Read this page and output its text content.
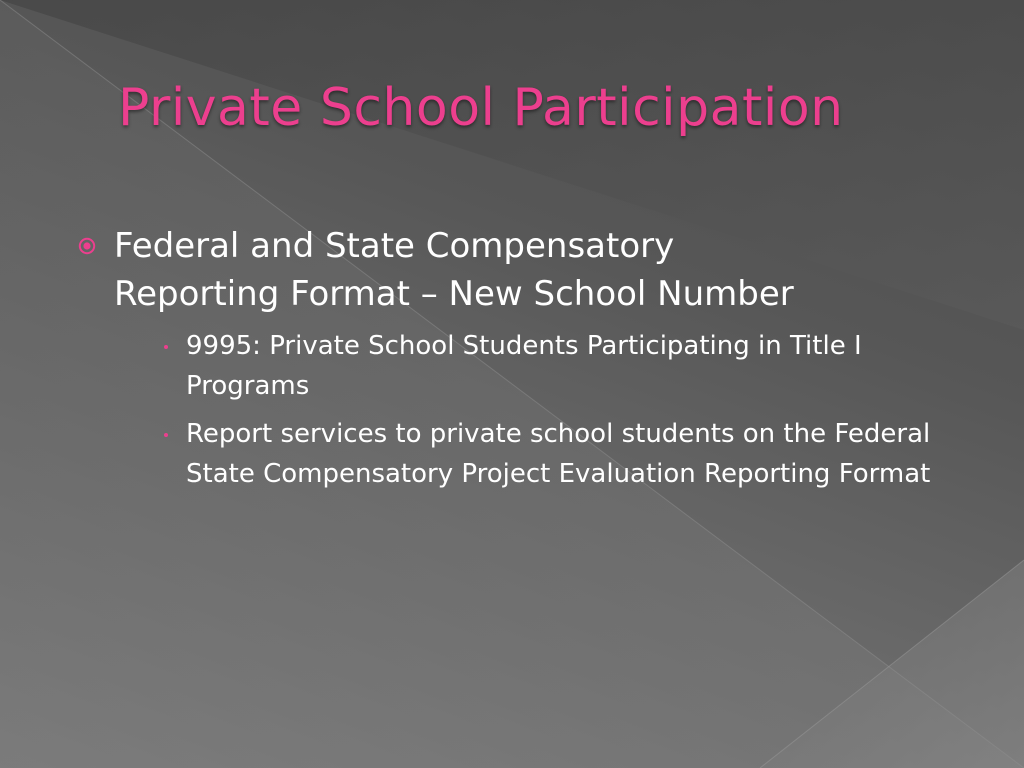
Private School Participation
Federal and State Compensatory
Reporting Format – New School Number
9995: Private School Students Participating in Title I Programs
Report services to private school students on the Federal State Compensatory Project Evaluation Reporting Format
